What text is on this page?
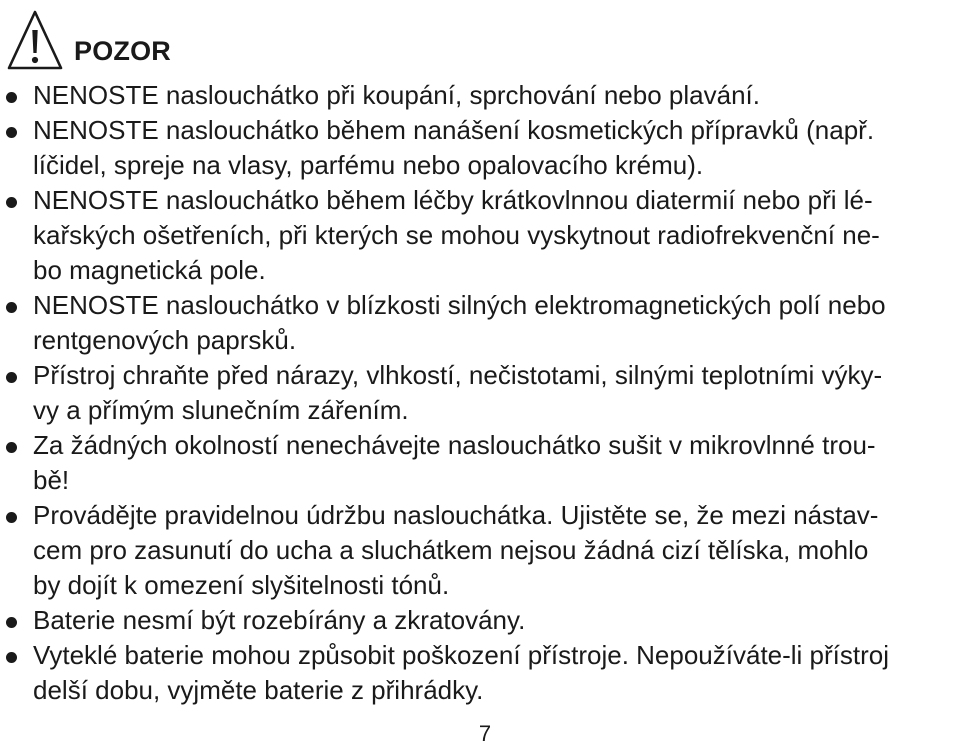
POZOR
NENOSTE naslouchátko při koupání, sprchování nebo plavání.
NENOSTE naslouchátko během nanášení kosmetických přípravků (např.
líčidel, spreje na vlasy, parfému nebo opalovacího krému).
NENOSTE naslouchátko během léčby krátkovlnnou diatermií nebo při lé-
kařských ošetřeních, při kterých se mohou vyskytnout radiofrekvenční ne-
bo magnetická pole.
NENOSTE naslouchátko v blízkosti silných elektromagnetických polí nebo
rentgenových paprsků.
Přístroj chraňte před nárazy, vlhkostí, nečistotami, silnými teplotními výky-
vy a přímým slunečním zářením.
Za žádných okolností nenechávejte naslouchátko sušit v mikrovlnné trou-
bě!
Provádějte pravidelnou údržbu naslouchátka. Ujistěte se, že mezi nástav-
cem pro zasunutí do ucha a sluchátkem nejsou žádná cizí tělíska, mohlo
by dojít k omezení slyšitelnosti tónů.
Baterie nesmí být rozebírány a zkratovány.
Vyteklé baterie mohou způsobit poškození přístroje. Nepoužíváte-li přístroj
delší dobu, vyjměte baterie z přihrádky.
7
